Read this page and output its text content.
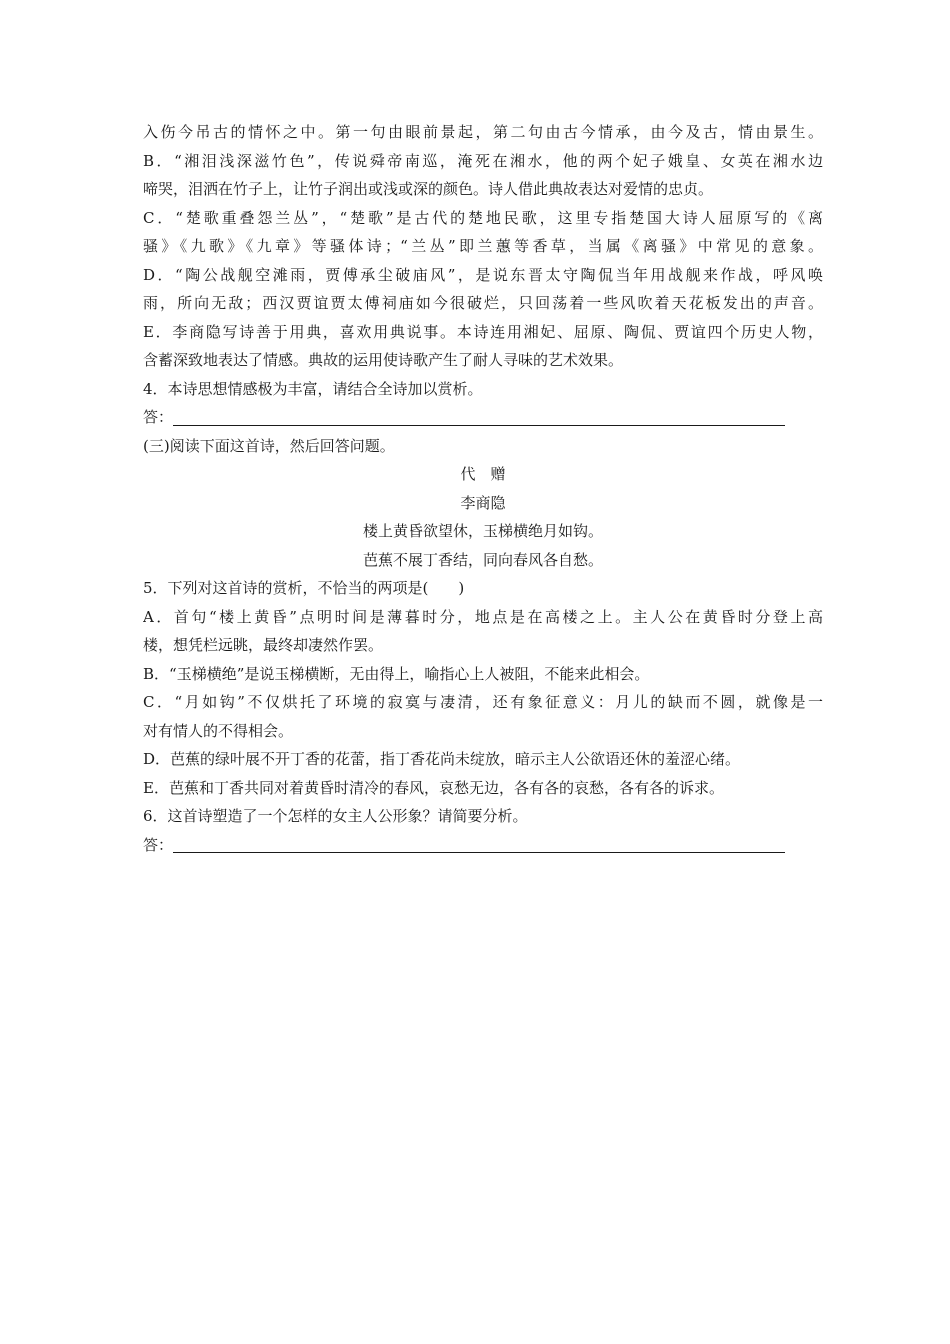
入伤今吊古的情怀之中。第一句由眼前景起，第二句由古今情承，由今及古，情由景生。
B．“湘泪浅深滋竹色”，传说舜帝南巡，淹死在湘水，他的两个妃子娥皇、女英在湘水边
啼哭，泪洒在竹子上，让竹子润出或浅或深的颜色。诗人借此典故表达对爱情的忠贞。
C．“楚歌重叠怨兰丛”，“楚歌”是古代的楚地民歌，这里专指楚国大诗人屈原写的《离
骚》《九歌》《九章》等骚体诗；“兰丛”即兰蕙等香草，当属《离骚》中常见的意象。
D．“陶公战舰空滩雨，贾傅承尘破庙风”，是说东晋太守陶侃当年用战舰来作战，呼风唤
雨，所向无敌；西汉贾谊贾太傅祠庙如今很破烂，只回荡着一些风吹着天花板发出的声音。
E．李商隐写诗善于用典，喜欢用典说事。本诗连用湘妃、屈原、陶侃、贾谊四个历史人物，
含蓄深致地表达了情感。典故的运用使诗歌产生了耐人寻味的艺术效果。
4．本诗思想情感极为丰富，请结合全诗加以赏析。
答：
(三)阅读下面这首诗，然后回答问题。
代　赠
李商隐
楼上黄昏欲望休，玉梯横绝月如钩。
芭蕉不展丁香结，同向春风各自愁。
5．下列对这首诗的赏析，不恰当的两项是(　　)
A．首句“楼上黄昏”点明时间是薄暮时分，地点是在高楼之上。主人公在黄昏时分登上高
楼，想凭栏远眺，最终却凄然作罢。
B．“玉梯横绝”是说玉梯横断，无由得上，喻指心上人被阻，不能来此相会。
C．“月如钩”不仅烘托了环境的寂寞与凄清，还有象征意义：月儿的缺而不圆，就像是一
对有情人的不得相会。
D．芭蕉的绿叶展不开丁香的花蕾，指丁香花尚未绽放，暗示主人公欲语还休的羞涩心绪。
E．芭蕉和丁香共同对着黄昏时清冷的春风，哀愁无边，各有各的哀愁，各有各的诉求。
6．这首诗塑造了一个怎样的女主人公形象？请简要分析。
答：
